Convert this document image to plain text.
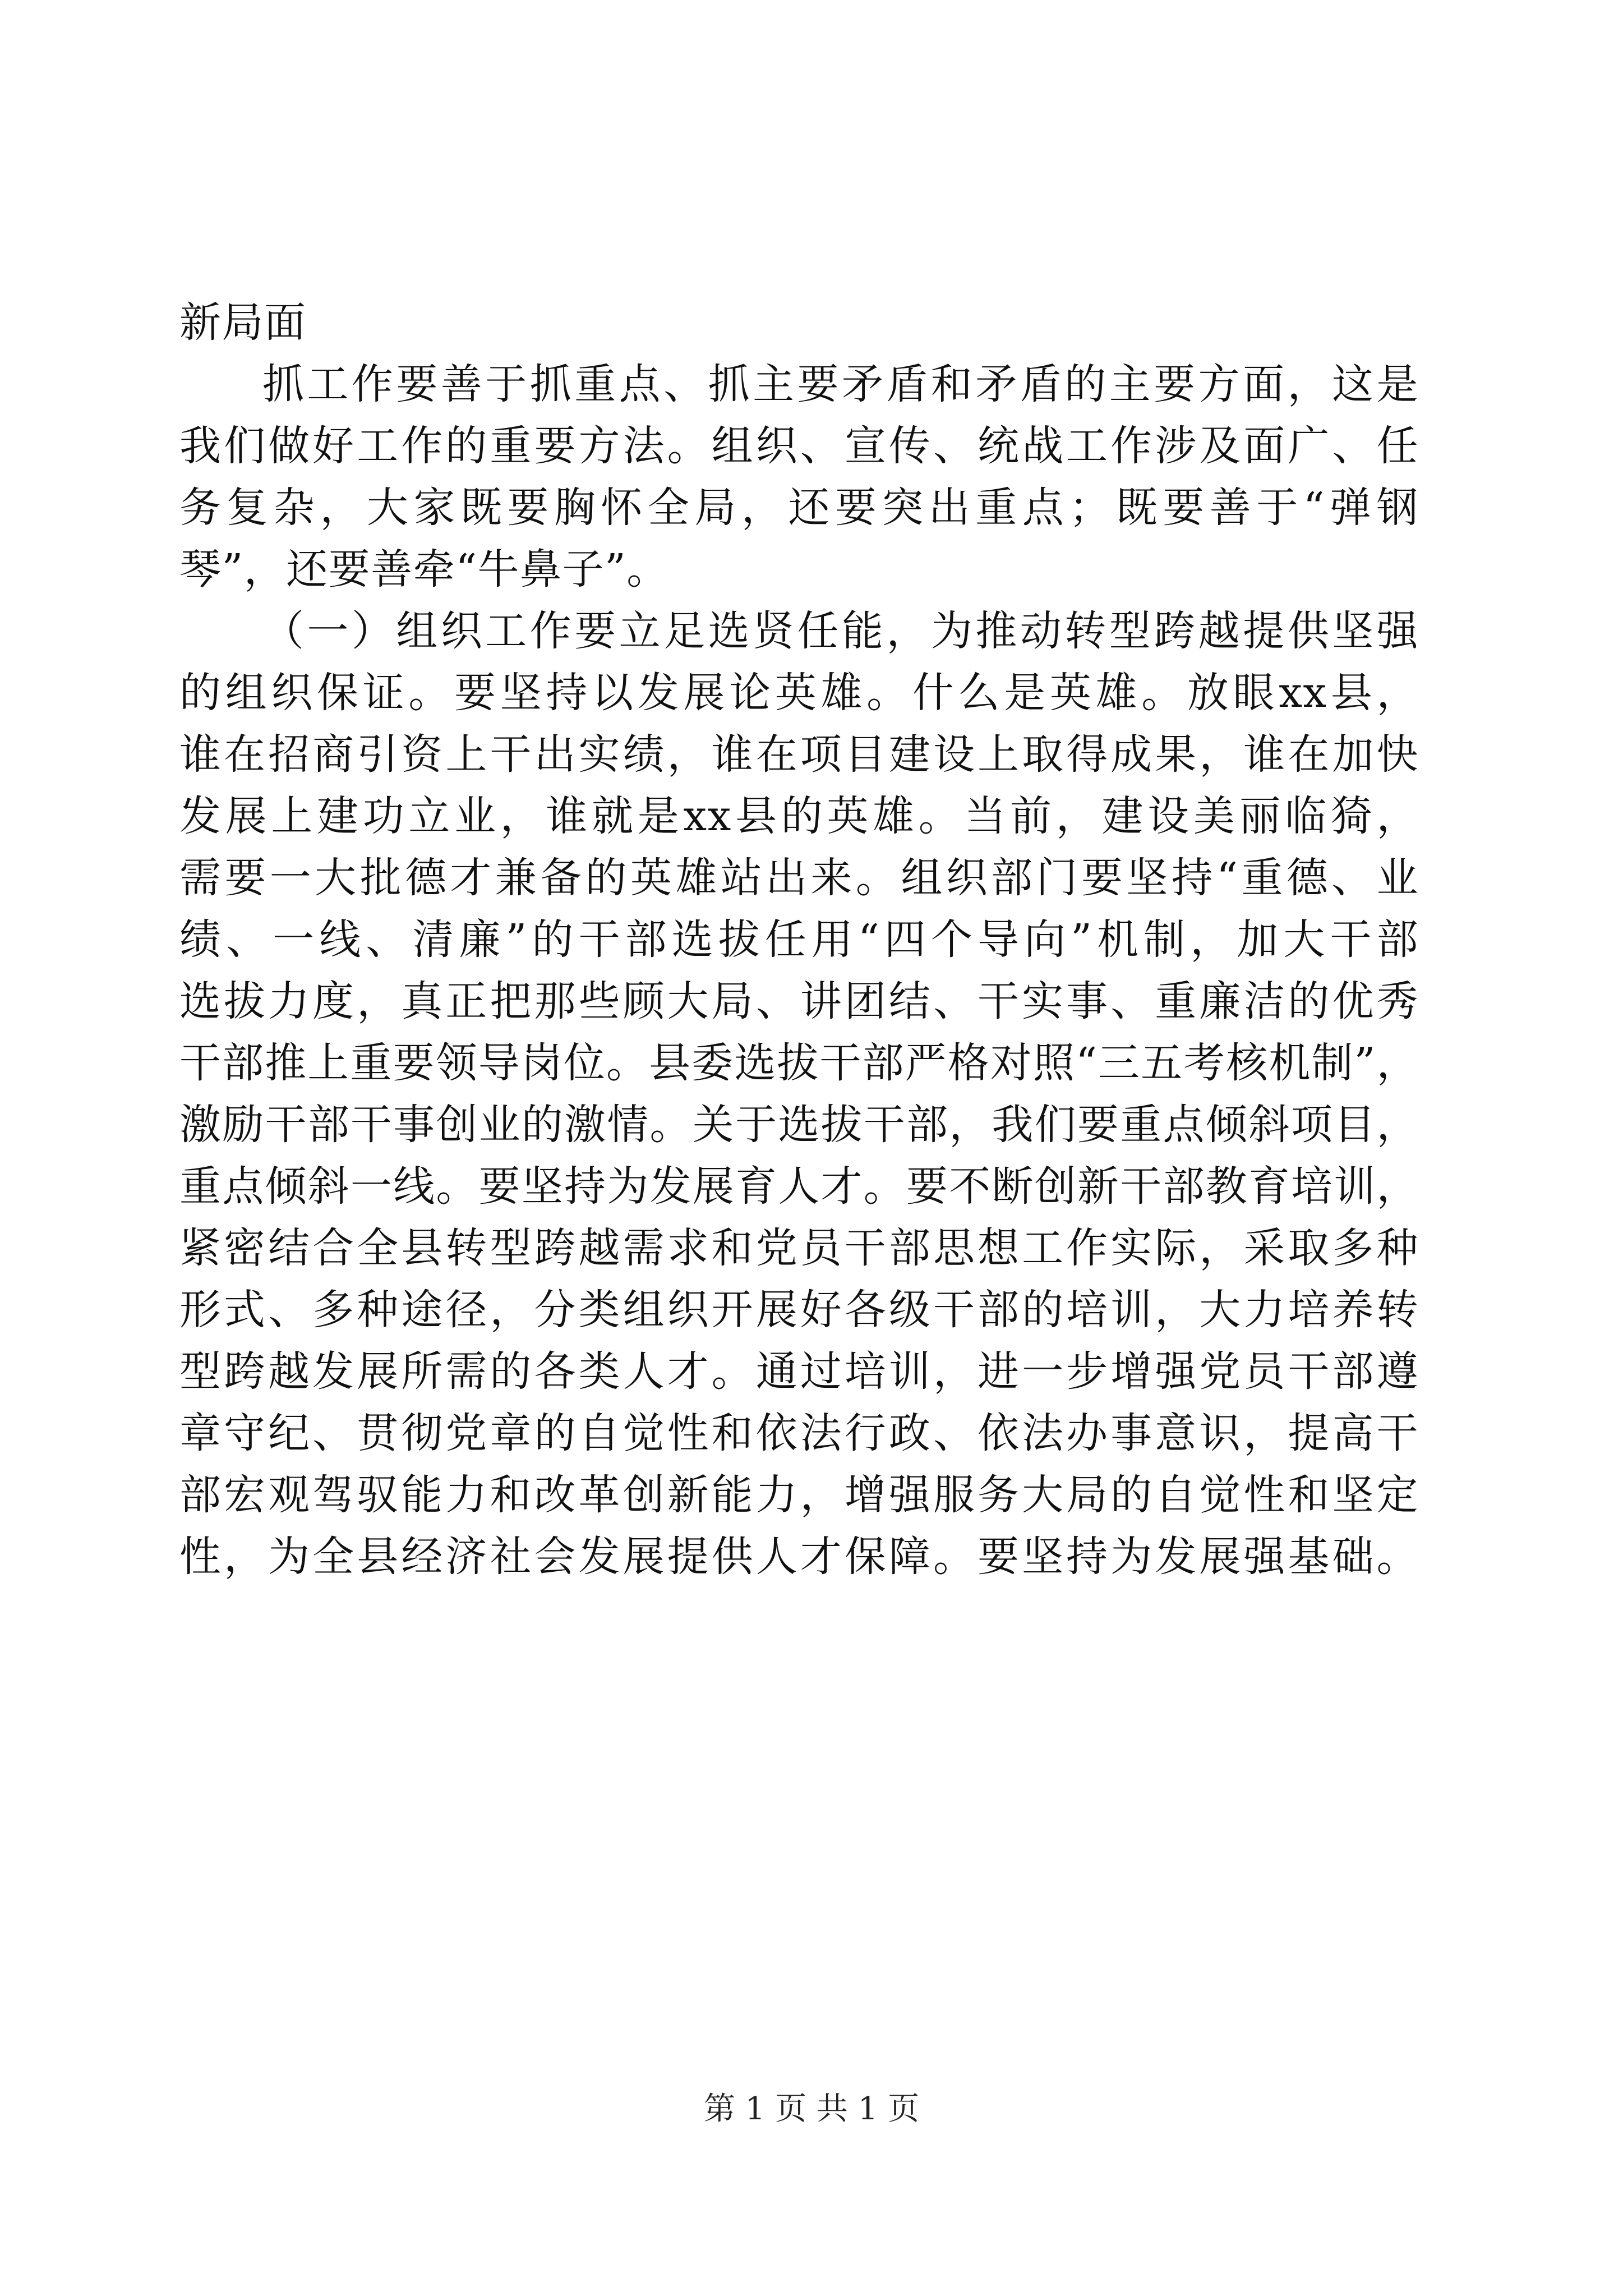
新局面
抓工作要善于抓重点、抓主要矛盾和矛盾的主要方面，这是
我们做好工作的重要方法。组织、宣传、统战工作涉及面广、任
务复杂，大家既要胸怀全局，还要突出重点；既要善于“弹钢
琴”，还要善牵“牛鼻子”。
（一）组织工作要立足选贤任能，为推动转型跨越提供坚强
的组织保证。要坚持以发展论英雄。什么是英雄。放眼xx县，
谁在招商引资上干出实绩，谁在项目建设上取得成果，谁在加快
发展上建功立业，谁就是xx县的英雄。当前，建设美丽临猗，
需要一大批德才兼备的英雄站出来。组织部门要坚持“重德、业
绩、一线、清廉”的干部选拔任用“四个导向”机制，加大干部
选拔力度，真正把那些顾大局、讲团结、干实事、重廉洁的优秀
干部推上重要领导岗位。县委选拔干部严格对照“三五考核机制”，
激励干部干事创业的激情。关于选拔干部，我们要重点倾斜项目，
重点倾斜一线。要坚持为发展育人才。要不断创新干部教育培训，
紧密结合全县转型跨越需求和党员干部思想工作实际，采取多种
形式、多种途径，分类组织开展好各级干部的培训，大力培养转
型跨越发展所需的各类人才。通过培训，进一步增强党员干部遵
章守纪、贯彻党章的自觉性和依法行政、依法办事意识，提高干
部宏观驾驭能力和改革创新能力，增强服务大局的自觉性和坚定
性，为全县经济社会发展提供人才保障。要坚持为发展强基础。
第 1 页 共 1 页
